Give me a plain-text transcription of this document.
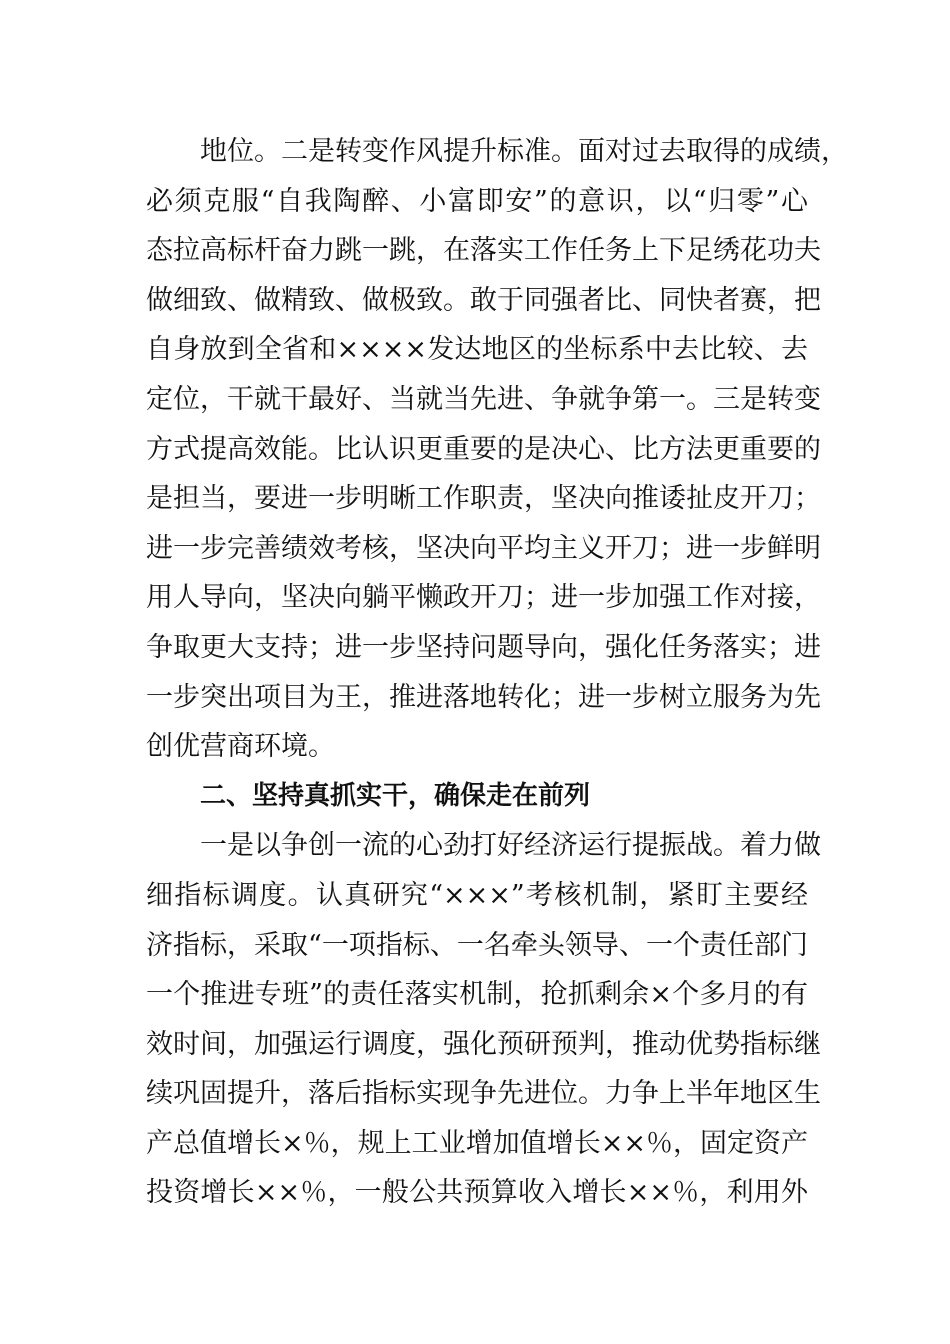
地位。二是转变作风提升标准。面对过去取得的成绩，
必须克服“自我陶醉、小富即安”的意识，以“归零”心
态拉高标杆奋力跳一跳，在落实工作任务上下足绣花功夫
做细致、做精致、做极致。敢于同强者比、同快者赛，把
自身放到全省和××××发达地区的坐标系中去比较、去
定位，干就干最好、当就当先进、争就争第一。三是转变
方式提高效能。比认识更重要的是决心、比方法更重要的
是担当，要进一步明晰工作职责，坚决向推诿扯皮开刀；
进一步完善绩效考核，坚决向平均主义开刀；进一步鲜明
用人导向，坚决向躺平懒政开刀；进一步加强工作对接，
争取更大支持；进一步坚持问题导向，强化任务落实；进
一步突出项目为王，推进落地转化；进一步树立服务为先
创优营商环境。
二、坚持真抓实干，确保走在前列
一是以争创一流的心劲打好经济运行提振战。着力做
细指标调度。认真研究“×××”考核机制，紧盯主要经
济指标，采取“一项指标、一名牵头领导、一个责任部门
一个推进专班”的责任落实机制，抢抓剩余×个多月的有
效时间，加强运行调度，强化预研预判，推动优势指标继
续巩固提升，落后指标实现争先进位。力争上半年地区生
产总值增长×％，规上工业增加值增长××％，固定资产
投资增长××％，一般公共预算收入增长××％，利用外
